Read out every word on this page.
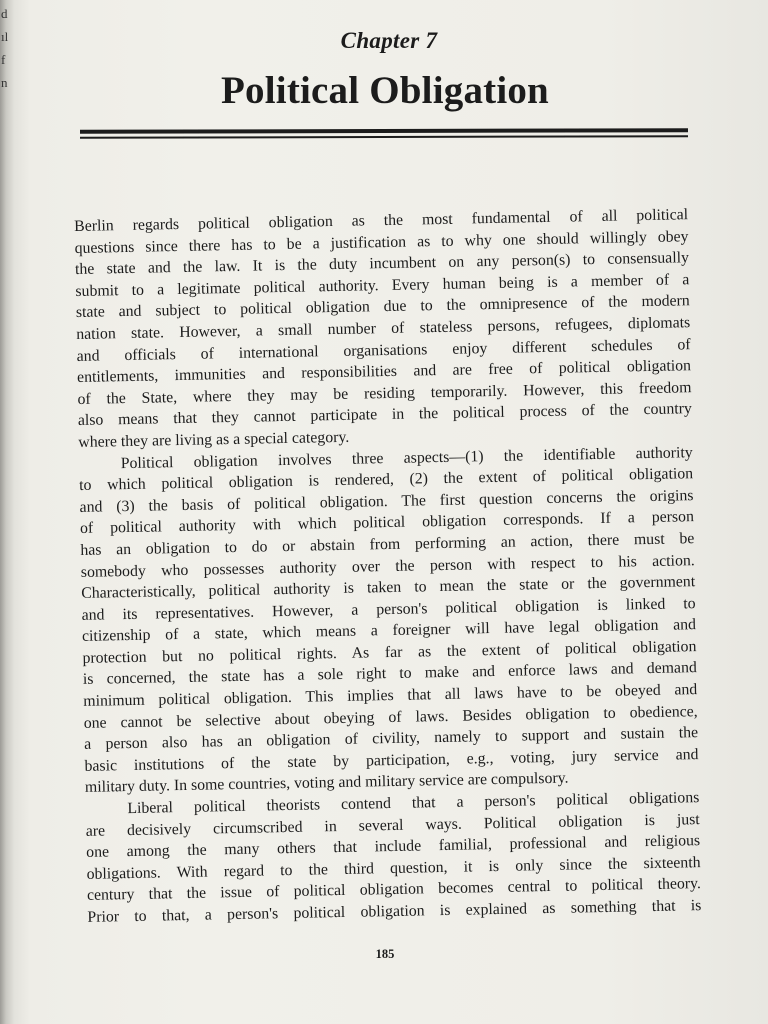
d
ıl
f
n
Chapter 7
Political Obligation
Berlin regards political obligation as the most fundamental of all political
questions since there has to be a justification as to why one should willingly obey
the state and the law. It is the duty incumbent on any person(s) to consensually
submit to a legitimate political authority. Every human being is a member of a
state and subject to political obligation due to the omnipresence of the modern
nation state. However, a small number of stateless persons, refugees, diplomats
and officials of international organisations enjoy different schedules of
entitlements, immunities and responsibilities and are free of political obligation
of the State, where they may be residing temporarily. However, this freedom
also means that they cannot participate in the political process of the country
where they are living as a special category.
Political obligation involves three aspects—(1) the identifiable authority
to which political obligation is rendered, (2) the extent of political obligation
and (3) the basis of political obligation. The first question concerns the origins
of political authority with which political obligation corresponds. If a person
has an obligation to do or abstain from performing an action, there must be
somebody who possesses authority over the person with respect to his action.
Characteristically, political authority is taken to mean the state or the government
and its representatives. However, a person's political obligation is linked to
citizenship of a state, which means a foreigner will have legal obligation and
protection but no political rights. As far as the extent of political obligation
is concerned, the state has a sole right to make and enforce laws and demand
minimum political obligation. This implies that all laws have to be obeyed and
one cannot be selective about obeying of laws. Besides obligation to obedience,
a person also has an obligation of civility, namely to support and sustain the
basic institutions of the state by participation, e.g., voting, jury service and
military duty. In some countries, voting and military service are compulsory.
Liberal political theorists contend that a person's political obligations
are decisively circumscribed in several ways. Political obligation is just
one among the many others that include familial, professional and religious
obligations. With regard to the third question, it is only since the sixteenth
century that the issue of political obligation becomes central to political theory.
Prior to that, a person's political obligation is explained as something that is
185
